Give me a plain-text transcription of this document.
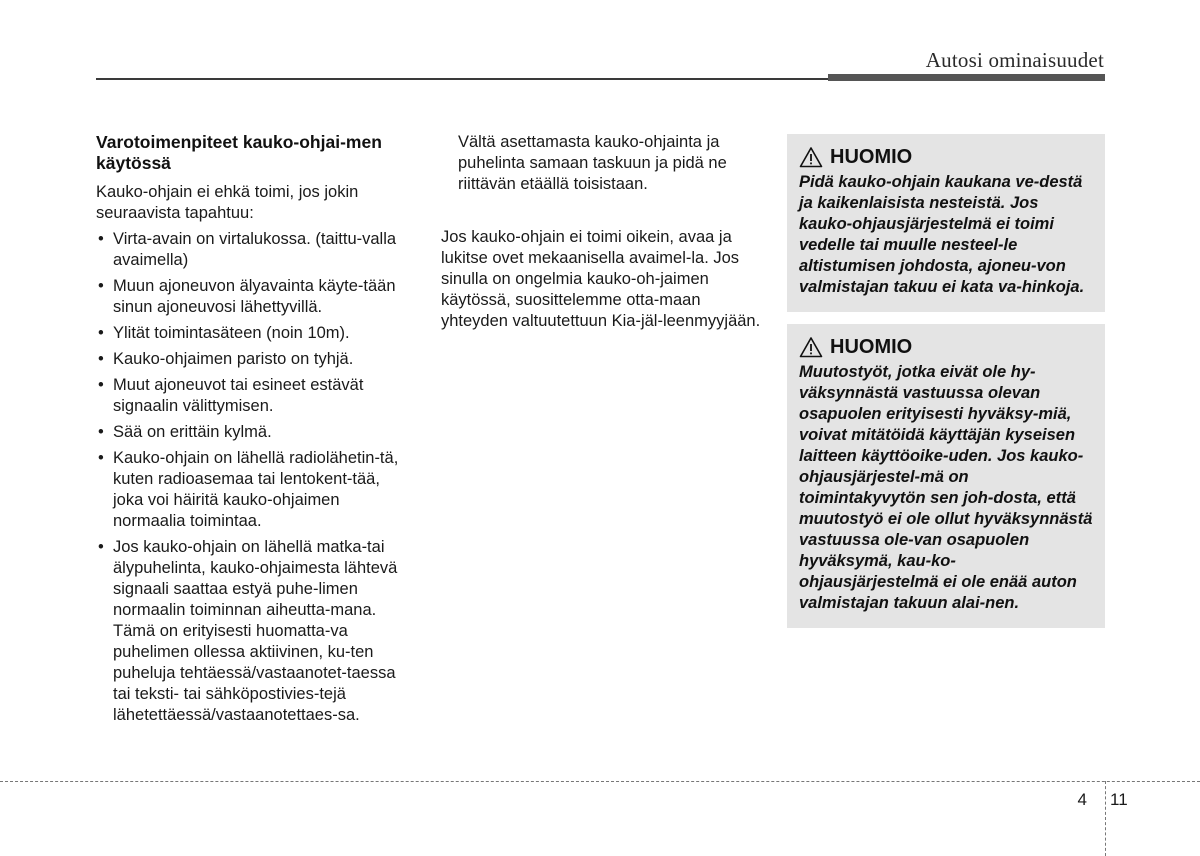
Autosi ominaisuudet
Varotoimenpiteet kauko-ohjai-men käytössä

Kauko-ohjain ei ehkä toimi, jos jokin seuraavista tapahtuu:

• Virta-avain on virtalukossa. (taittu-valla avaimella)
• Muun ajoneuvon älyavainta käyte-tään sinun ajoneuvosi lähettyvillä.
• Ylität toimintasäteen (noin 10m).
• Kauko-ohjaimen paristo on tyhjä.
• Muut ajoneuvot tai esineet estävät signaalin välittymisen.
• Sää on erittäin kylmä.
• Kauko-ohjain on lähellä radiolähetin-tä, kuten radioasemaa tai lentokent-tää, joka voi häiritä kauko-ohjaimen normaalia toimintaa.
• Jos kauko-ohjain on lähellä matka-tai älypuhelinta, kauko-ohjaimesta lähtevä signaali saattaa estyä puhe-limen normaalin toiminnan aiheutta-mana. Tämä on erityisesti huomatta-va puhelimen ollessa aktiivinen, ku-ten puheluja tehtäessä/vastaanotet-taessa tai teksti- tai sähköpostivies-tejä lähetettäessä/vastaanotettaes-sa.

Vältä asettamasta kauko-ohjainta ja puhelinta samaan taskuun ja pidä ne riittävän etäällä toisistaan.

Jos kauko-ohjain ei toimi oikein, avaa ja lukitse ovet mekaanisella avaimel-la. Jos sinulla on ongelmia kauko-oh-jaimen käytössä, suosittelemme otta-maan yhteyden valtuutettuun Kia-jäl-leenmyyjään.

HUOMIO

Pidä kauko-ohjain kaukana ve-destä ja kaikenlaisista nesteistä. Jos kauko-ohjausjärjestelmä ei toimi vedelle tai muulle nesteel-le altistumisen johdosta, ajoneu-von valmistajan takuu ei kata va-hinkoja.

HUOMIO

Muutostyöt, jotka eivät ole hy-väksynnästä vastuussa olevan osapuolen erityisesti hyväksy-miä, voivat mitätöidä käyttäjän kyseisen laitteen käyttöoike-uden. Jos kauko-ohjausjärjestel-mä on toimintakyvytön sen joh-dosta, että muutostyö ei ole ollut hyväksynnästä vastuussa ole-van osapuolen hyväksymä, kau-ko-ohjausjärjestelmä ei ole enää auton valmistajan takuun alai-nen.

4	11
